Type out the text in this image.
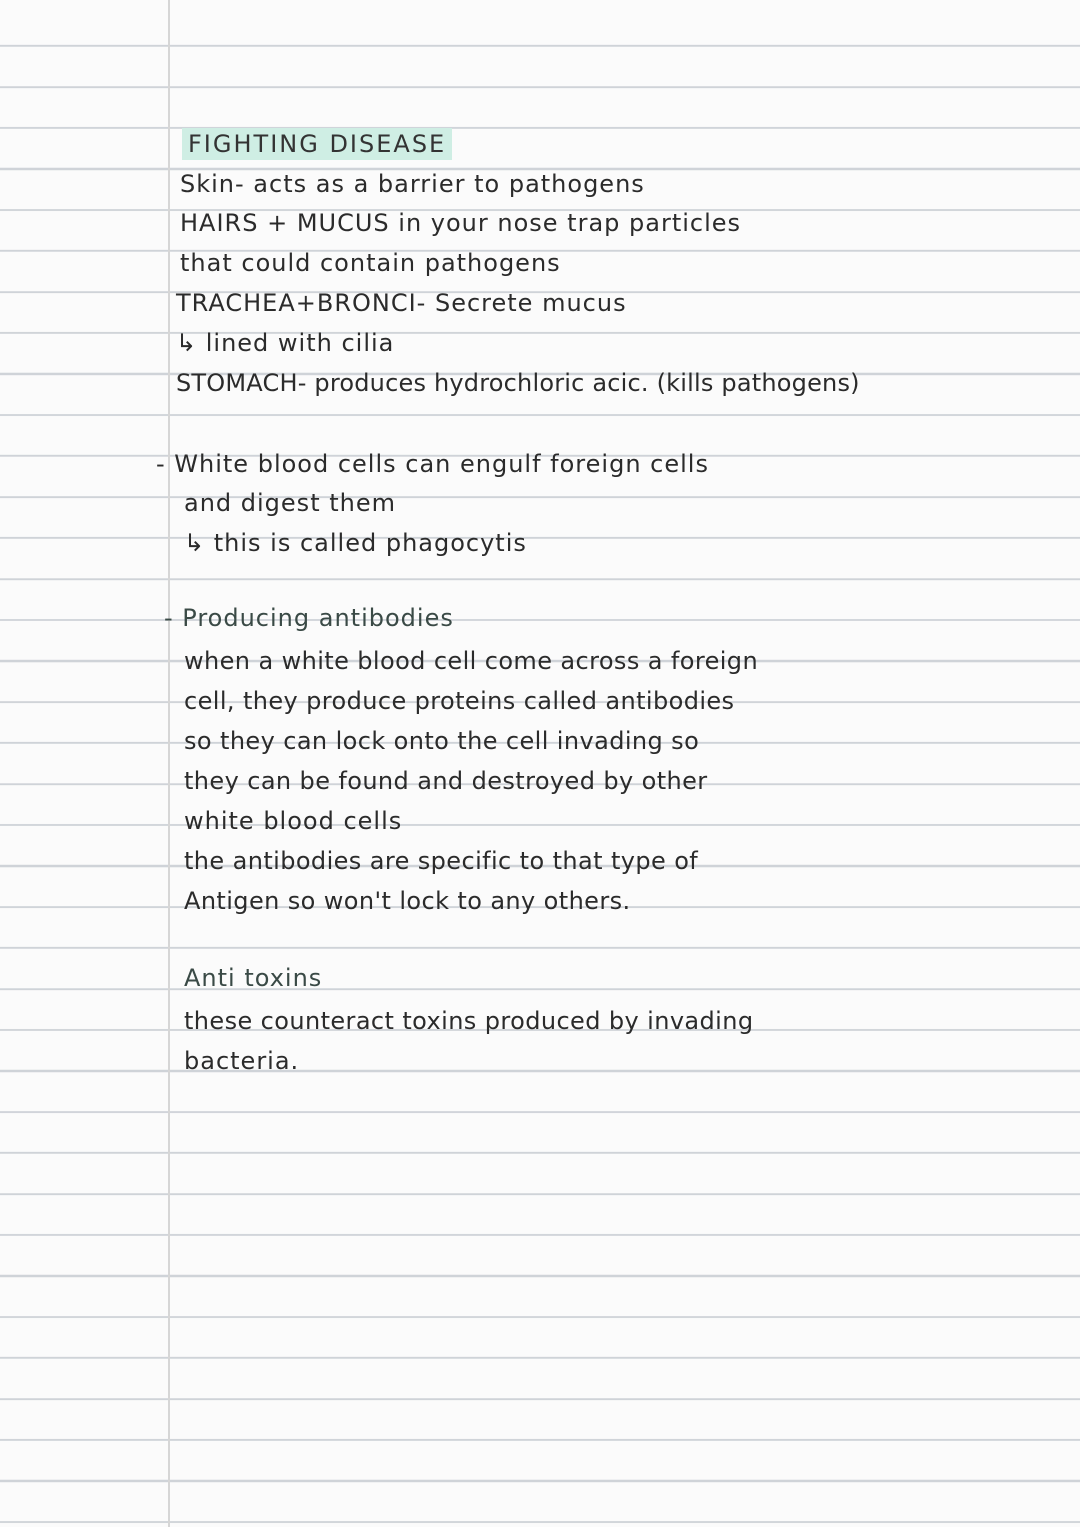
FIGHTING DISEASE
Skin- acts as a barrier to pathogens
HAIRS + MUCUS in your nose trap particles
that could contain pathogens
TRACHEA+BRONCI- Secrete mucus
↳ lined with cilia
STOMACH- produces hydrochloric acic. (kills pathogens)
- White blood cells can engulf foreign cells
and digest them
↳ this is called phagocytis
- Producing antibodies
when a white blood cell come across a foreign
cell, they produce proteins called antibodies
so they can lock onto the cell invading so
they can be found and destroyed by other
white blood cells
the antibodies are specific to that type of
Antigen so won't lock to any others.
Anti toxins
these counteract toxins produced by invading
bacteria.
